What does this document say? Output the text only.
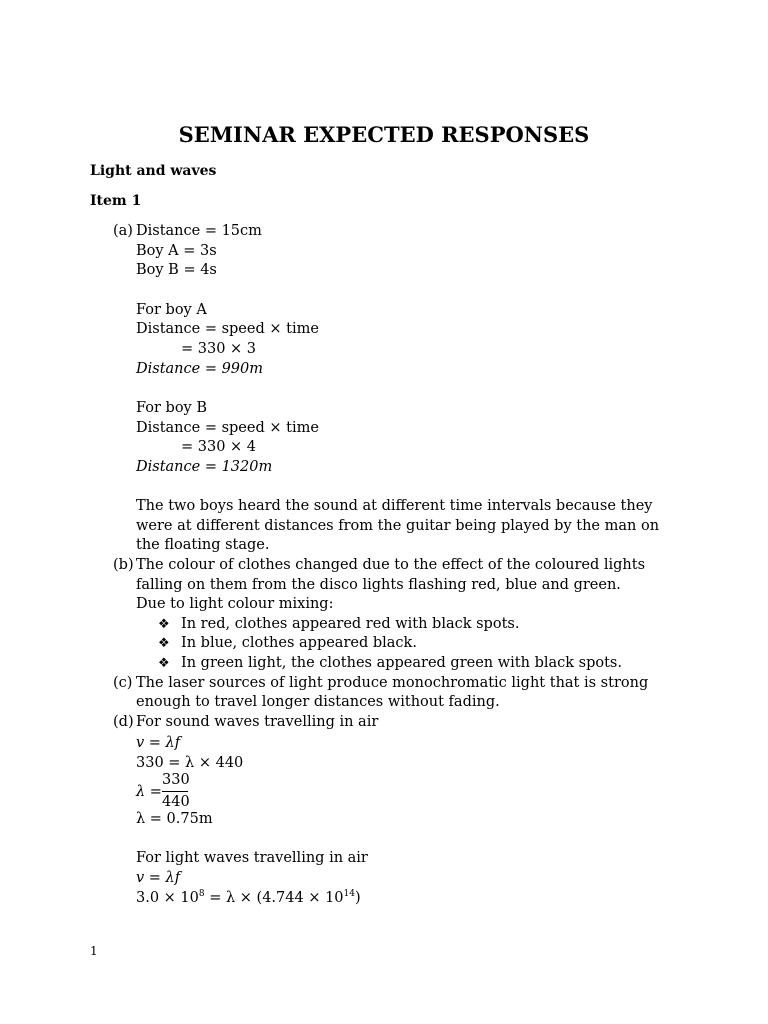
SEMINAR EXPECTED RESPONSES
Light and waves
Item 1
(a) Distance = 15cm
Boy A = 3s
Boy B = 4s
For boy A
Distance = speed × time
= 330 × 3
Distance = 990m
For boy B
Distance = speed × time
= 330 × 4
Distance = 1320m
The two boys heard the sound at different time intervals because they
were at different distances from the guitar being played by the man on
the floating stage.
(b) The colour of clothes changed due to the effect of the coloured lights
falling on them from the disco lights flashing red, blue and green.
Due to light colour mixing:
❖ In red, clothes appeared red with black spots.
❖ In blue, clothes appeared black.
❖ In green light, the clothes appeared green with black spots.
(c) The laser sources of light produce monochromatic light that is strong
enough to travel longer distances without fading.
(d) For sound waves travelling in air
v = λf
330 = λ × 440
$\lambda = \frac{330}{440}$
λ = 0.75m
For light waves travelling in air
v = λf
$3.0 \times 10^8 = \lambda \times (4.744 \times 10^{14})$
1
